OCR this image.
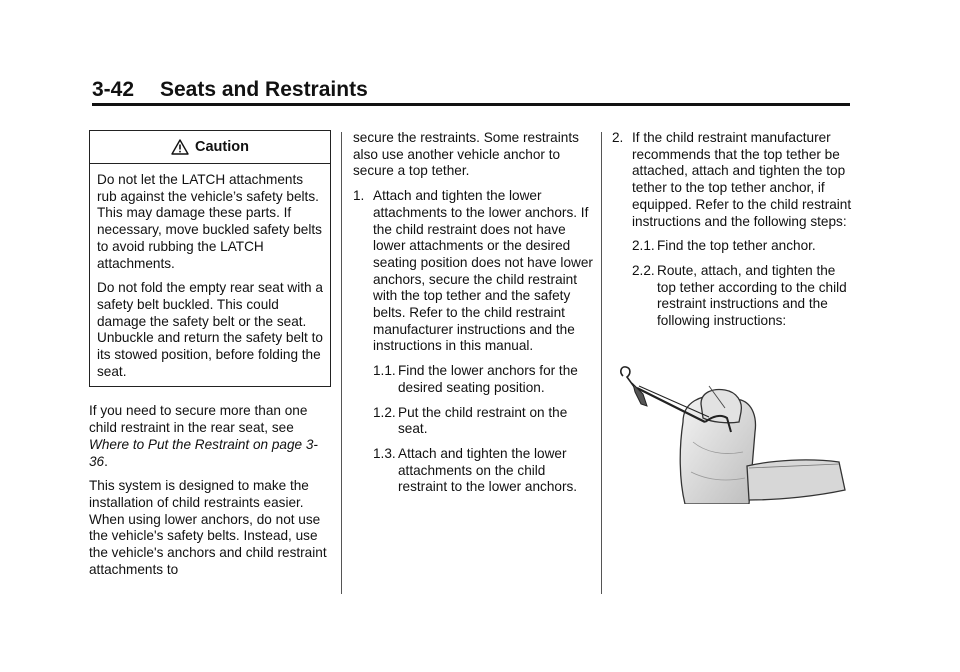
3-42 Seats and Restraints
Caution

Do not let the LATCH attachments rub against the vehicle’s safety belts. This may damage these parts. If necessary, move buckled safety belts to avoid rubbing the LATCH attachments.

Do not fold the empty rear seat with a safety belt buckled. This could damage the safety belt or the seat. Unbuckle and return the safety belt to its stowed position, before folding the seat.

If you need to secure more than one child restraint in the rear seat, see Where to Put the Restraint on page 3-36.

This system is designed to make the installation of child restraints easier. When using lower anchors, do not use the vehicle's safety belts. Instead, use the vehicle's anchors and child restraint attachments to

secure the restraints. Some restraints also use another vehicle anchor to secure a top tether.

1. Attach and tighten the lower attachments to the lower anchors. If the child restraint does not have lower attachments or the desired seating position does not have lower anchors, secure the child restraint with the top tether and the safety belts. Refer to the child restraint manufacturer instructions and the instructions in this manual.
1.1. Find the lower anchors for the desired seating position.
1.2. Put the child restraint on the seat.
1.3. Attach and tighten the lower attachments on the child restraint to the lower anchors.
2. If the child restraint manufacturer recommends that the top tether be attached, attach and tighten the top tether to the top tether anchor, if equipped. Refer to the child restraint instructions and the following steps:
2.1. Find the top tether anchor.
2.2. Route, attach, and tighten the top tether according to the child restraint instructions and the following instructions:
